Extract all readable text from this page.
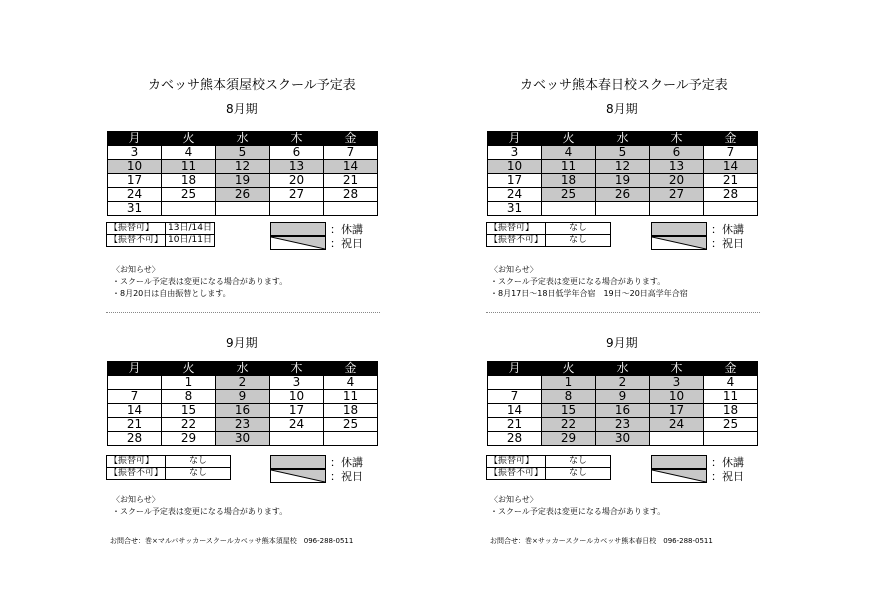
カベッサ熊本須屋校スクール予定表
8月期
月	火	水	木	金
3	4	5	6	7
10	11	12	13	14
17	18	19	20	21
24	25	26	27	28
31				
【振替可】	13日/14日
【振替不可】	10日/11日
：休講
：祝日
〈お知らせ〉
・スクール予定表は変更になる場合があります。
・8月20日は自由振替とします。
9月期
月	火	水	木	金
	1	2	3	4
7	8	9	10	11
14	15	16	17	18
21	22	23	24	25
28	29	30		
【振替可】	なし
【振替不可】	なし
：休講
：祝日
〈お知らせ〉
・スクール予定表は変更になる場合があります。
お問合せ：巻×マルバサッカースクールカベッサ熊本須屋校　096-288-0511
カベッサ熊本春日校スクール予定表
8月期
月	火	水	木	金
3	4	5	6	7
10	11	12	13	14
17	18	19	20	21
24	25	26	27	28
31				
【振替可】	なし
【振替不可】	なし
：休講
：祝日
〈お知らせ〉
・スクール予定表は変更になる場合があります。
・8月17日～18日低学年合宿　19日～20日高学年合宿
9月期
月	火	水	木	金
	1	2	3	4
7	8	9	10	11
14	15	16	17	18
21	22	23	24	25
28	29	30		
【振替可】	なし
【振替不可】	なし
：休講
：祝日
〈お知らせ〉
・スクール予定表は変更になる場合があります。
お問合せ：巻×サッカースクールカベッサ熊本春日校　096-288-0511
